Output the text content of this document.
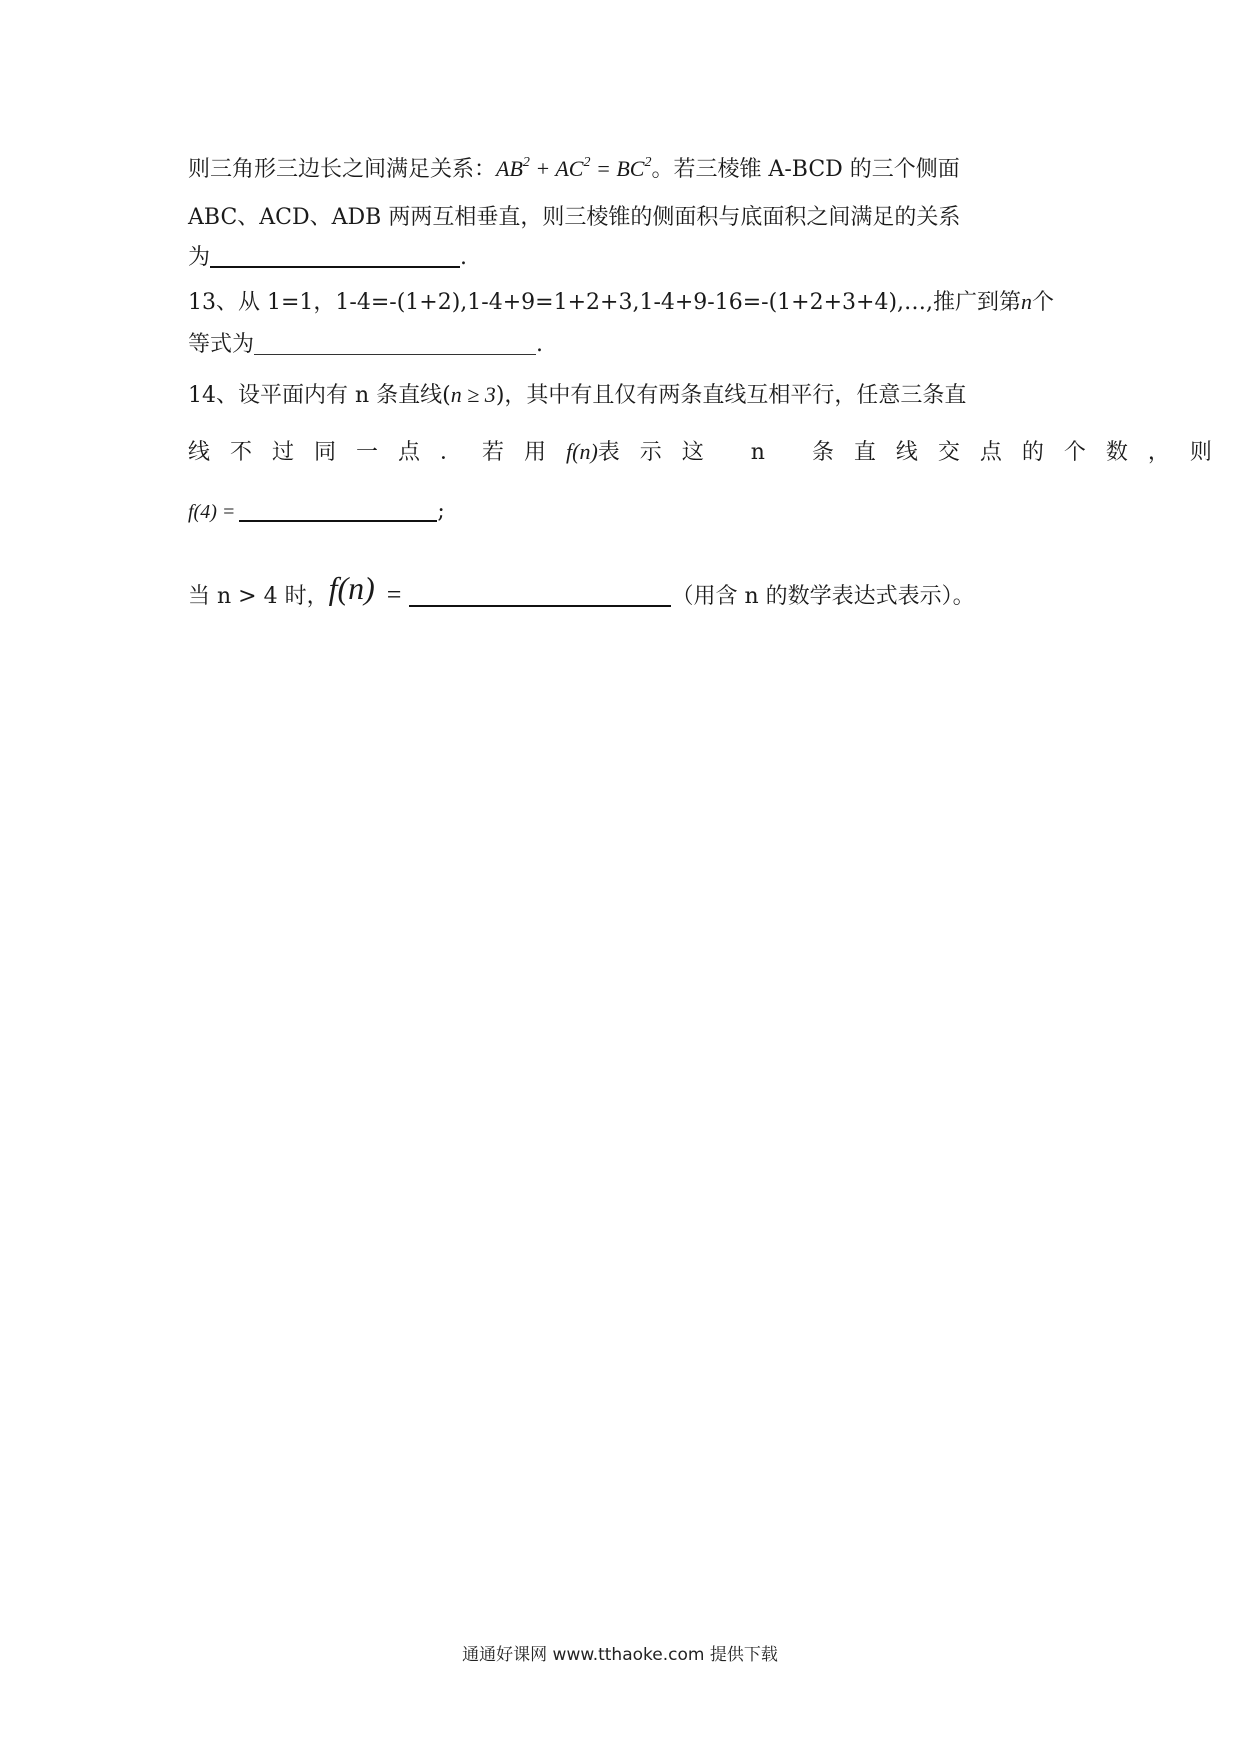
则三角形三边长之间满足关系：$AB^2 + AC^2 = BC^2$。若三棱锥 A-BCD 的三个侧面
ABC、ACD、ADB 两两互相垂直，则三棱锥的侧面积与底面积之间满足的关系
为	.
13、从 1=1，1-4=-(1+2),1-4+9=1+2+3,1-4+9-16=-(1+2+3+4),…,推广到第n个
等式为	.
14、设平面内有 n 条直线(n ≥ 3)，其中有且仅有两条直线互相平行，任意三条直
线不过同一点．若用f(n)表示这 n 条直线交点的个数，则
f(4) =	;
当 n > 4 时，f(n) =	（用含 n 的数学表达式表示）。
通通好课网 www.tthaoke.com 提供下载
